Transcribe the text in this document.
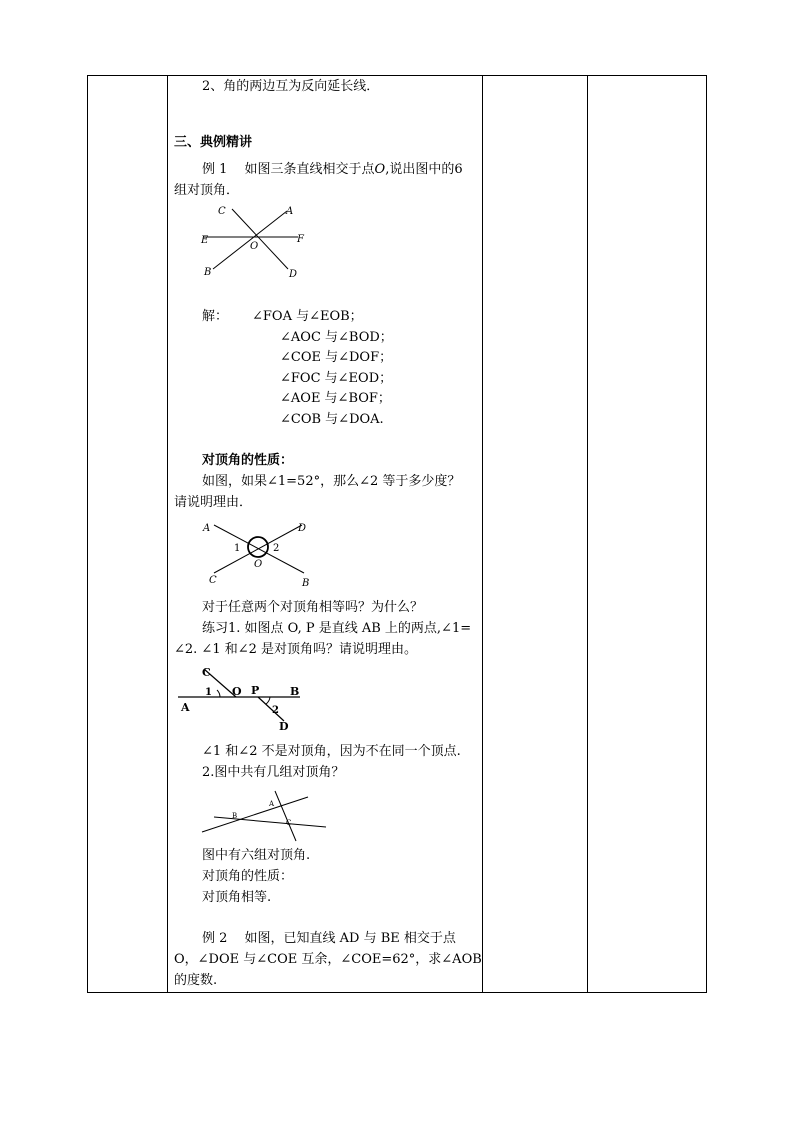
2、角的两边互为反向延长线．
三、典例精讲
例 1　 如图三条直线相交于点O,说出图中的6
组对顶角．
C	A
E
O
F
B	D
解： ∠FOA 与∠EOB；
∠AOC 与∠BOD；
∠COE 与∠DOF；
∠FOC 与∠EOD；
∠AOE 与∠BOF；
∠COB 与∠DOA.
对顶角的性质：
如图，如果∠1=52°，那么∠2 等于多少度？
请说明理由．
A	D
1	2
O
C	B
对于任意两个对顶角相等吗？为什么？
练习1. 如图点 O, P 是直线 AB 上的两点,∠1=
∠2. ∠1 和∠2 是对顶角吗？请说明理由。
C
1 O P	B
A	2
D
∠1 和∠2 不是对顶角，因为不在同一个顶点.
2.图中共有几组对顶角？
A
B
C
图中有六组对顶角.
对顶角的性质：
对顶角相等.
例 2　 如图，已知直线 AD 与 BE 相交于点
O，∠DOE 与∠COE 互余，∠COE=62°，求∠AOB
的度数.
